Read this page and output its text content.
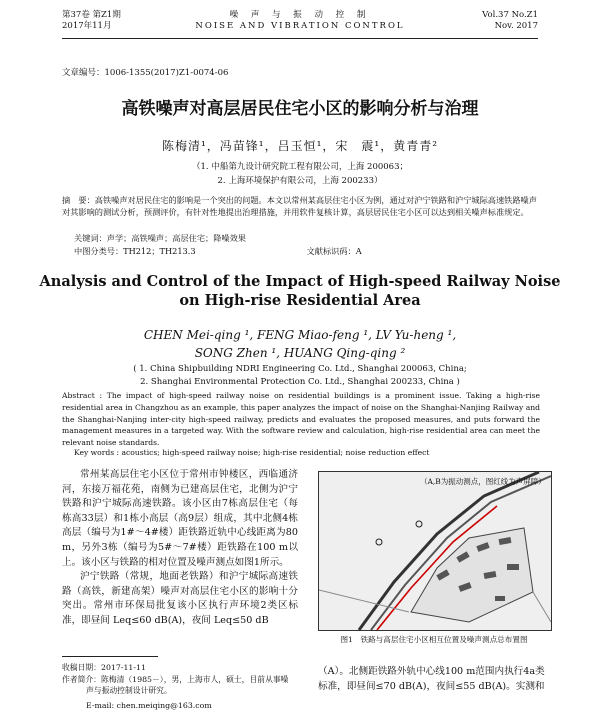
第37卷 第Z1期
2017年11月
噪 声 与 振 动 控 制
NOISE AND VIBRATION CONTROL
Vol.37 No.Z1
Nov. 2017
文章编号：1006-1355(2017)Z1-0074-06
高铁噪声对高层居民住宅小区的影响分析与治理
陈梅清¹，冯苗锋¹，吕玉恒¹，宋　震¹，黄青青²
（1. 中船第九设计研究院工程有限公司，上海 200063；
2. 上海环境保护有限公司，上海 200233）
摘　要：高铁噪声对居民住宅的影响是一个突出的问题。本文以常州某高层住宅小区为例，通过对沪宁铁路和沪宁城际高速铁路噪声对其影响的测试分析，预测评价，有针对性地提出治理措施，并用软件复核计算，高层居民住宅小区可以达到相关噪声标准规定。
关键词：声学；高铁噪声；高层住宅；降噪效果
中图分类号：TH212；TH213.3	文献标识码：A
Analysis and Control of the Impact of High-speed Railway Noise
on High-rise Residential Area
CHEN Mei-qing ¹, FENG Miao-feng ¹, LV Yu-heng ¹,
SONG Zhen ¹, HUANG Qing-qing ²
( 1. China Shipbuilding NDRI Engineering Co. Ltd., Shanghai 200063, China;
2. Shanghai Environmental Protection Co. Ltd., Shanghai 200233, China )
Abstract : The impact of high-speed railway noise on residential buildings is a prominent issue. Taking a high-rise residential area in Changzhou as an example, this paper analyzes the impact of noise on the Shanghai-Nanjing Railway and the Shanghai-Nanjing inter-city high-speed railway, predicts and evaluates the proposed measures, and puts forward the management measures in a targeted way. With the software review and calculation, high-rise residential area can meet the relevant noise standards.
Key words : acoustics; high-speed railway noise; high-rise residential; noise reduction effect

常州某高层住宅小区位于常州市钟楼区，西临通济河，东接万福花苑，南侧为已建高层住宅，北侧为沪宁铁路和沪宁城际高速铁路。该小区由7栋高层住宅（每栋高33层）和1栋小高层（高9层）组成，其中北侧4栋高层（编号为1#～4#楼）距铁路近轨中心线距离为80 m，另外3栋（编号为5#～7#楼）距铁路在100 m以上。该小区与铁路的相对位置及噪声测点如图1所示。

沪宁铁路（常规，地面老铁路）和沪宁城际高速铁路（高铁，新建高架）噪声对高层住宅小区的影响十分突出。常州市环保局批复该小区执行声环境2类区标准，即昼间 Leq≤60 dB(A)，夜间 Leq≤50 dB

收稿日期：2017-11-11
作者简介：陈梅清（1985－），男，上海市人，硕士，目前从事噪
声与振动控制设计研究。
E-mail: chen.meiqing@163.com
（A,B为振动测点，图红线为声屏障）
图1　铁路与高层住宅小区相互位置及噪声测点总布置图
（A）。北侧距铁路外轨中心线100 m范围内执行4a类标准，即昼间≤70 dB(A)，夜间≤55 dB(A)。实测和
